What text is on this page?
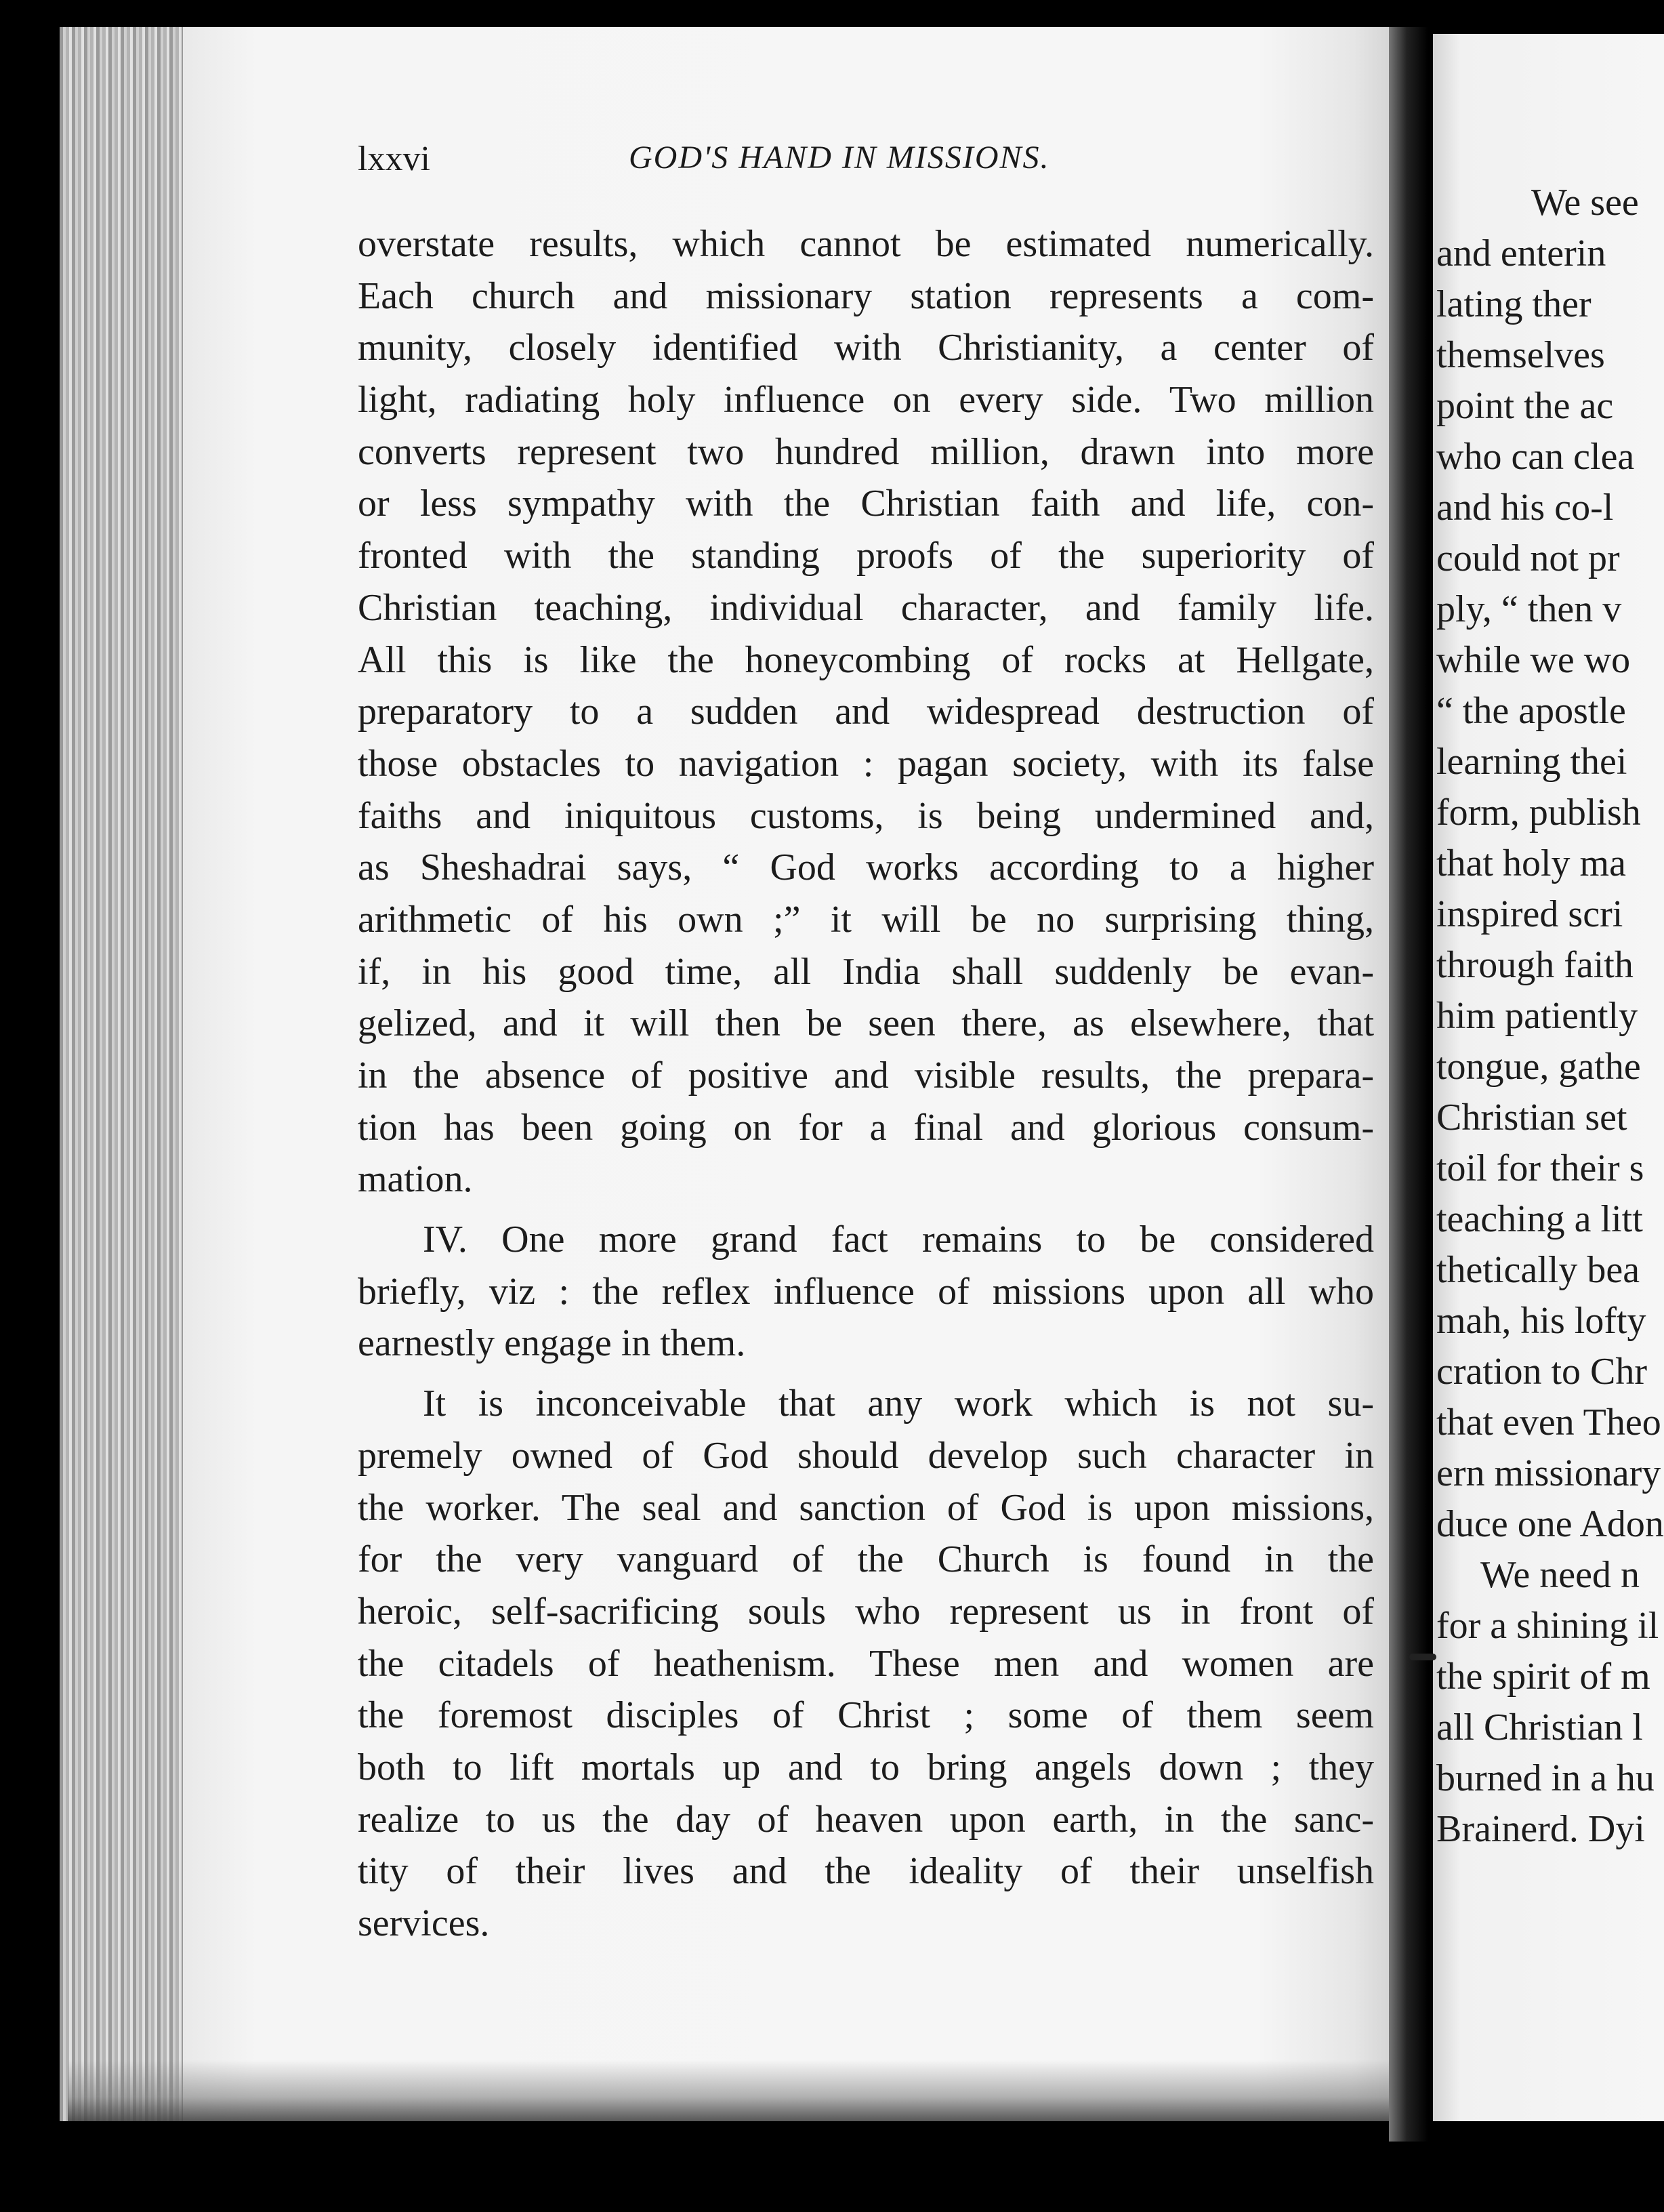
lxxvi	GOD'S HAND IN MISSIONS.

overstate results, which cannot be estimated numerically.
Each church and missionary station represents a com-
munity, closely identified with Christianity, a center of
light, radiating holy influence on every side. Two million
converts represent two hundred million, drawn into more
or less sympathy with the Christian faith and life, con-
fronted with the standing proofs of the superiority of
Christian teaching, individual character, and family life.
All this is like the honeycombing of rocks at Hellgate,
preparatory to a sudden and widespread destruction of
those obstacles to navigation : pagan society, with its false
faiths and iniquitous customs, is being undermined and,
as Sheshadrai says, “ God works according to a higher
arithmetic of his own ;” it will be no surprising thing,
if, in his good time, all India shall suddenly be evan-
gelized, and it will then be seen there, as elsewhere, that
in the absence of positive and visible results, the prepara-
tion has been going on for a final and glorious consum-
mation.

IV. One more grand fact remains to be considered
briefly, viz : the reflex influence of missions upon all who
earnestly engage in them.

It is inconceivable that any work which is not su-
premely owned of God should develop such character in
the worker. The seal and sanction of God is upon missions,
for the very vanguard of the Church is found in the
heroic, self-sacrificing souls who represent us in front of
the citadels of heathenism. These men and women are
the foremost disciples of Christ ; some of them seem
both to lift mortals up and to bring angels down ; they
realize to us the day of heaven upon earth, in the sanc-
tity of their lives and the ideality of their unselfish
services.

We see
and enterin
lating ther
themselves
point the ac
who can clea
and his co-l
could not pr
ply, “ then v
while we wo
“ the apostle
learning thei
form, publish
that holy ma
inspired scri
through faith
him patiently
tongue, gathe
Christian set
toil for their s
teaching a litt
thetically bea
mah, his lofty
cration to Chr
that even Theo
ern missionary
duce one Adon
We need n
for a shining il
the spirit of m
all Christian l
burned in a hu
Brainerd. Dyi
